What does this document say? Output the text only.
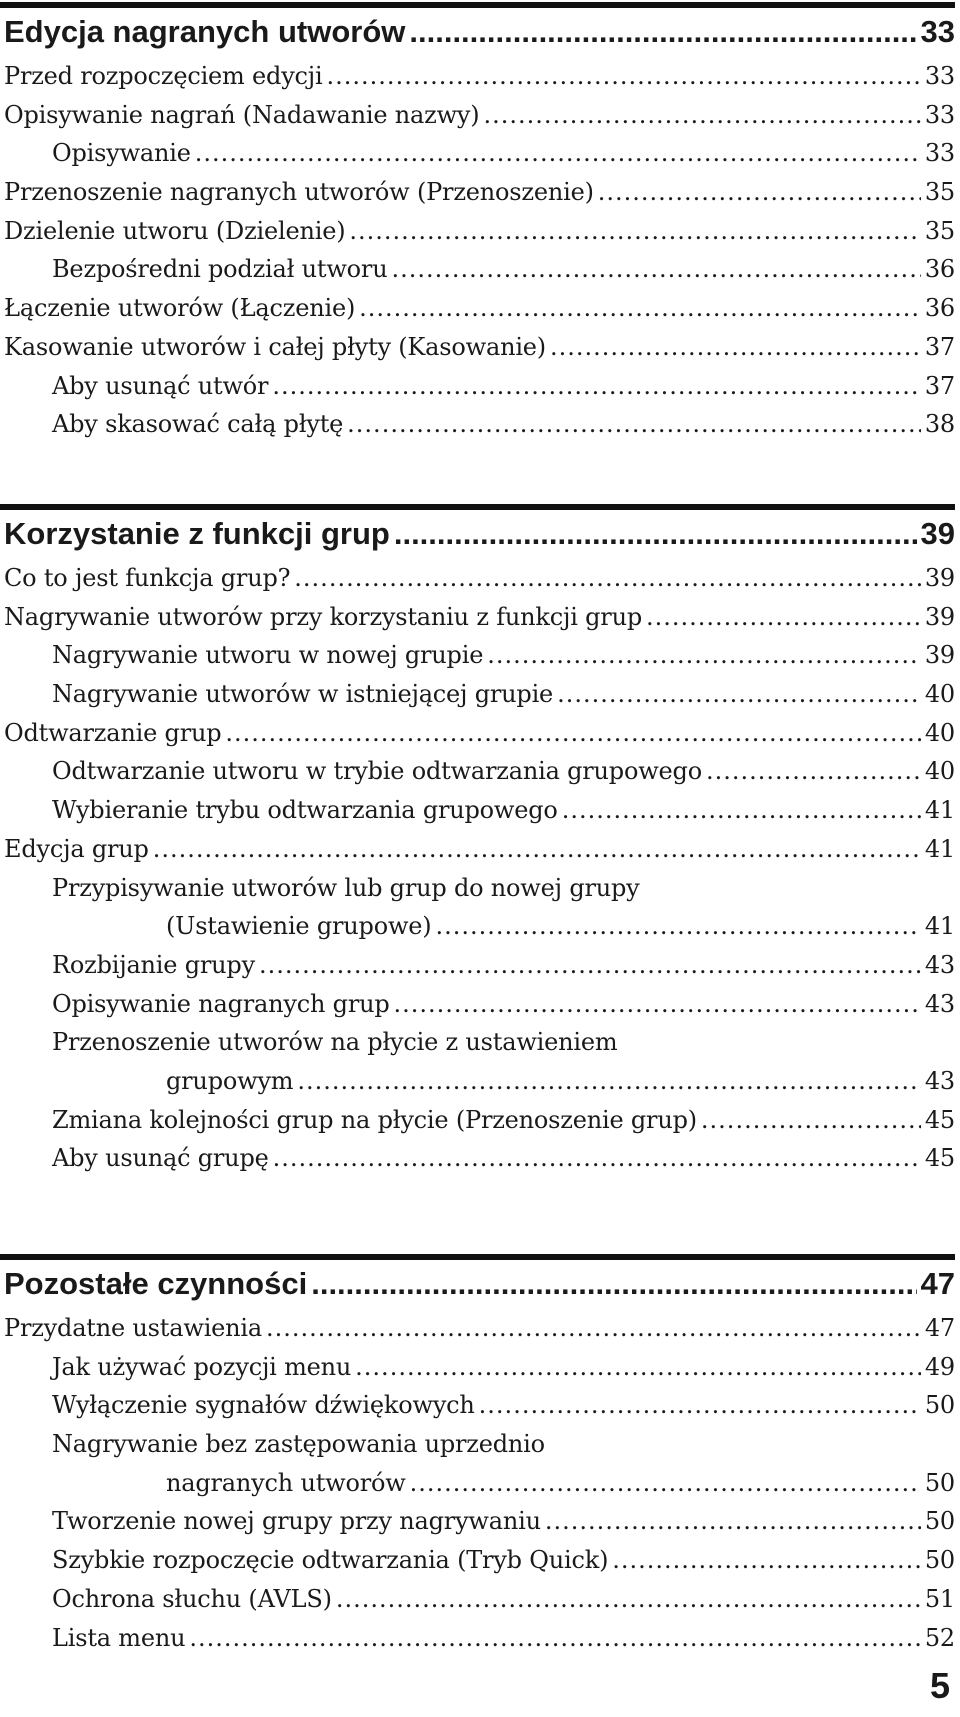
Edycja nagranych utworów .....	33
Przed rozpoczęciem edycji .....	33
Opisywanie nagrań (Nadawanie nazwy) .....	33
Opisywanie .....	33
Przenoszenie nagranych utworów (Przenoszenie) .....	35
Dzielenie utworu (Dzielenie) .....	35
Bezpośredni podział utworu .....	36
Łączenie utworów (Łączenie) .....	36
Kasowanie utworów i całej płyty (Kasowanie) .....	37
Aby usunąć utwór .....	37
Aby skasować całą płytę .....	38
Korzystanie z funkcji grup .....	39
Co to jest funkcja grup? .....	39
Nagrywanie utworów przy korzystaniu z funkcji grup .....	39
Nagrywanie utworu w nowej grupie .....	39
Nagrywanie utworów w istniejącej grupie .....	40
Odtwarzanie grup .....	40
Odtwarzanie utworu w trybie odtwarzania grupowego .....	40
Wybieranie trybu odtwarzania grupowego .....	41
Edycja grup .....	41
Przypisywanie utworów lub grup do nowej grupy
(Ustawienie grupowe) .....	41
Rozbijanie grupy .....	43
Opisywanie nagranych grup .....	43
Przenoszenie utworów na płycie z ustawieniem
grupowym .....	43
Zmiana kolejności grup na płycie (Przenoszenie grup) .....	45
Aby usunąć grupę .....	45
Pozostałe czynności .....	47
Przydatne ustawienia .....	47
Jak używać pozycji menu .....	49
Wyłączenie sygnałów dźwiękowych .....	50
Nagrywanie bez zastępowania uprzednio
nagranych utworów .....	50
Tworzenie nowej grupy przy nagrywaniu .....	50
Szybkie rozpoczęcie odtwarzania (Tryb Quick) .....	50
Ochrona słuchu (AVLS) .....	51
Lista menu .....	52
5
